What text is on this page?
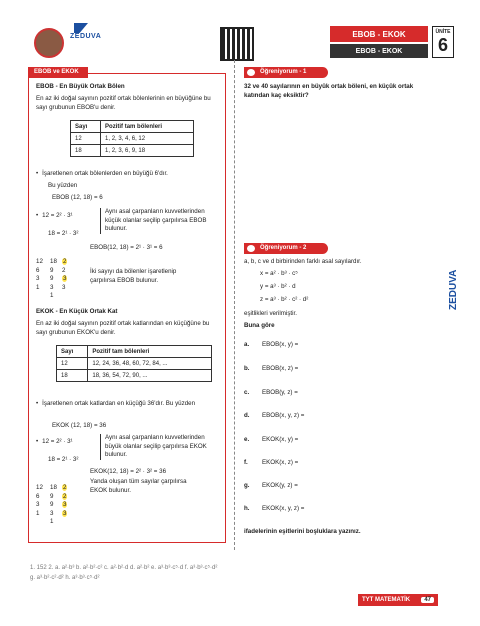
ZEDUVA	EBOB - EKOK
EBOB - EKOK
ÜNİTE
6
EBOB ve EKOK
EBOB - En Büyük Ortak Bölen
En az iki doğal sayının pozitif ortak bölenlerinin en büyüğüne bu sayı grubunun EBOB'u denir.
Sayı	Pozitif tam bölenleri
12	1, 2, 3, 4, 6, 12
18	1, 2, 3, 6, 9, 18
• İşaretlenen ortak bölenlerden en büyüğü 6'dır.
Bu yüzden
EBOB (12, 18) = 6
• 12 = 2² · 3¹
18 = 2¹ · 3²
Aynı asal çarpanların kuvvetlerinden küçük olanlar seçilip çarpılırsa EBOB bulunur.
EBOB(12, 18) = 2¹ · 3¹ = 6
12 18 2
6 9 2
3 9 3
1 3 3
1
İki sayıyı da bölenler işaretlenip çarpılırsa EBOB bulunur.
EKOK - En Küçük Ortak Kat
En az iki doğal sayının pozitif ortak katlarından en küçüğüne bu sayı grubunun EKOK'u denir.
Sayı	Pozitif tam bölenleri
12	12, 24, 36, 48, 60, 72, 84, ...
18	18, 36, 54, 72, 90, ...
• İşaretlenen ortak katlardan en küçüğü 36'dır. Bu yüzden
EKOK (12, 18) = 36
• 12 = 2² · 3¹
18 = 2¹ · 3²
Aynı asal çarpanların kuvvetlerinden büyük olanlar seçilip çarpılırsa EKOK bulunur.
EKOK(12, 18) = 2² · 3² = 36
12 18 2
6 9 2
3 9 3
1 3 3
1
Yanda oluşan tüm sayılar çarpılırsa EKOK bulunur.
Öğreniyorum - 1
32 ve 40 sayılarının en büyük ortak böleni, en küçük ortak katından kaç eksiktir?
Öğreniyorum - 2
a, b, c ve d birbirinden farklı asal sayılardır.
x = a² · b³ · c⁵
y = a³ · b² · d
z = a³ · b² · c² · d²
eşitlikleri verilmiştir.
Buna göre
a. EBOB(x, y) =
b. EBOB(x, z) =
c. EBOB(y, z) =
d. EBOB(x, y, z) =
e. EKOK(x, y) =
f. EKOK(x, z) =
g. EKOK(y, z) =
h. EKOK(x, y, z) =
ifadelerinin eşitlerini boşluklara yazınız.
ZEDUVA
1. 152 2. a. a²·b³ b. a²·b²·c² c. a²·b²·d d. a²·b² e. a³·b³·c⁵·d f. a³·b³·c⁵·d²
g. a³·b²·c²·d² h. a³·b³·c⁵·d²
TYT MATEMATİK	47
